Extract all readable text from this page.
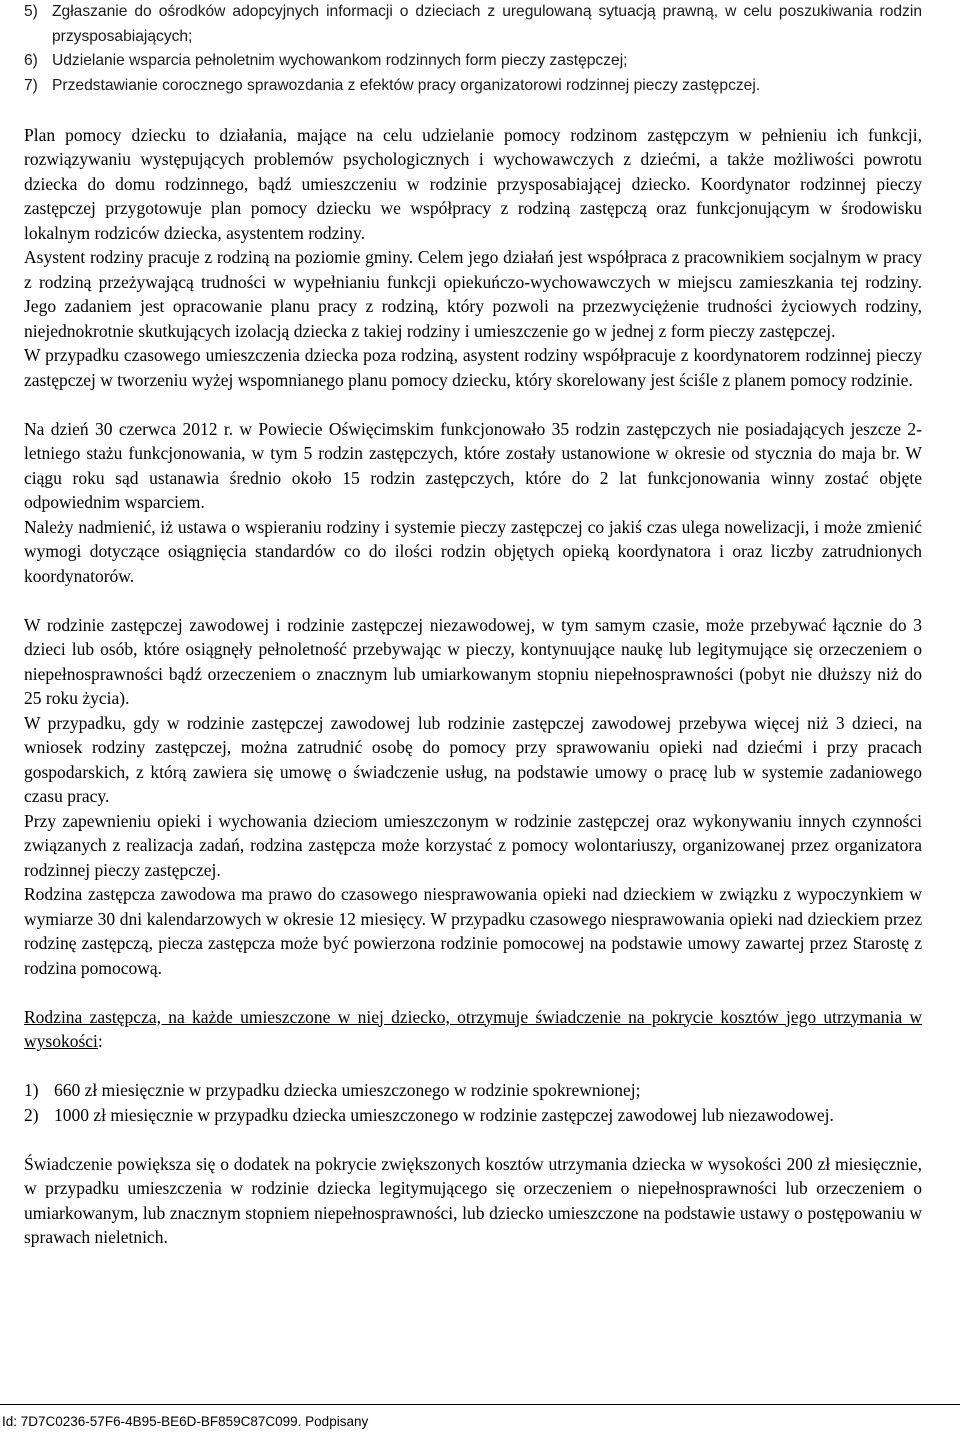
5) Zgłaszanie do ośrodków adopcyjnych informacji o dzieciach z uregulowaną sytuacją prawną, w celu poszukiwania rodzin przysposabiających;
6) Udzielanie wsparcia pełnoletnim wychowankom rodzinnych form pieczy zastępczej;
7) Przedstawianie corocznego sprawozdania z efektów pracy organizatorowi rodzinnej pieczy zastępczej.

Plan pomocy dziecku to działania, mające na celu udzielanie pomocy rodzinom zastępczym w pełnieniu ich funkcji, rozwiązywaniu występujących problemów psychologicznych i wychowawczych z dziećmi, a także możliwości powrotu dziecka do domu rodzinnego, bądź umieszczeniu w rodzinie przysposabiającej dziecko. Koordynator rodzinnej pieczy zastępczej przygotowuje plan pomocy dziecku we współpracy z rodziną zastępczą oraz funkcjonującym w środowisku lokalnym rodziców dziecka, asystentem rodziny.

Asystent rodziny pracuje z rodziną na poziomie gminy. Celem jego działań jest współpraca z pracownikiem socjalnym w pracy z rodziną przeżywającą trudności w wypełnianiu funkcji opiekuńczo-wychowawczych w miejscu zamieszkania tej rodziny. Jego zadaniem jest opracowanie planu pracy z rodziną, który pozwoli na przezwyciężenie trudności życiowych rodziny, niejednokrotnie skutkujących izolacją dziecka z takiej rodziny i umieszczenie go w jednej z form pieczy zastępczej.

W przypadku czasowego umieszczenia dziecka poza rodziną, asystent rodziny współpracuje z koordynatorem rodzinnej pieczy zastępczej w tworzeniu wyżej wspomnianego planu pomocy dziecku, który skorelowany jest ściśle z planem pomocy rodzinie.

Na dzień 30 czerwca 2012 r. w Powiecie Oświęcimskim funkcjonowało 35 rodzin zastępczych nie posiadających jeszcze 2-letniego stażu funkcjonowania, w tym 5 rodzin zastępczych, które zostały ustanowione w okresie od stycznia do maja br. W ciągu roku sąd ustanawia średnio około 15 rodzin zastępczych, które do 2 lat funkcjonowania winny zostać objęte odpowiednim wsparciem.

Należy nadmienić, iż ustawa o wspieraniu rodziny i systemie pieczy zastępczej co jakiś czas ulega nowelizacji, i może zmienić wymogi dotyczące osiągnięcia standardów co do ilości rodzin objętych opieką koordynatora i oraz liczby zatrudnionych koordynatorów.

W rodzinie zastępczej zawodowej i rodzinie zastępczej niezawodowej, w tym samym czasie, może przebywać łącznie do 3 dzieci lub osób, które osiągnęły pełnoletność przebywając w pieczy, kontynuujące naukę lub legitymujące się orzeczeniem o niepełnosprawności bądź orzeczeniem o znacznym lub umiarkowanym stopniu niepełnosprawności (pobyt nie dłuższy niż do 25 roku życia).

W przypadku, gdy w rodzinie zastępczej zawodowej lub rodzinie zastępczej zawodowej przebywa więcej niż 3 dzieci, na wniosek rodziny zastępczej, można zatrudnić osobę do pomocy przy sprawowaniu opieki nad dziećmi i przy pracach gospodarskich, z którą zawiera się umowę o świadczenie usług, na podstawie umowy o pracę lub w systemie zadaniowego czasu pracy.

Przy zapewnieniu opieki i wychowania dzieciom umieszczonym w rodzinie zastępczej oraz wykonywaniu innych czynności związanych z realizacja zadań, rodzina zastępcza może korzystać z pomocy wolontariuszy, organizowanej przez organizatora rodzinnej pieczy zastępczej.

Rodzina zastępcza zawodowa ma prawo do czasowego niesprawowania opieki nad dzieckiem w związku z wypoczynkiem w wymiarze 30 dni kalendarzowych w okresie 12 miesięcy. W przypadku czasowego niesprawowania opieki nad dzieckiem przez rodzinę zastępczą, piecza zastępcza może być powierzona rodzinie pomocowej na podstawie umowy zawartej przez Starostę z rodzina pomocową.

Rodzina zastępcza, na każde umieszczone w niej dziecko, otrzymuje świadczenie na pokrycie kosztów jego utrzymania w wysokości:

1) 660 zł miesięcznie w przypadku dziecka umieszczonego w rodzinie spokrewnionej;
2) 1000 zł miesięcznie w przypadku dziecka umieszczonego w rodzinie zastępczej zawodowej lub niezawodowej.

Świadczenie powiększa się o dodatek na pokrycie zwiększonych kosztów utrzymania dziecka w wysokości 200 zł miesięcznie, w przypadku umieszczenia w rodzinie dziecka legitymującego się orzeczeniem o niepełnosprawności lub orzeczeniem o umiarkowanym, lub znacznym stopniem niepełnosprawności, lub dziecko umieszczone na podstawie ustawy o postępowaniu w sprawach nieletnich.

Id: 7D7C0236-57F6-4B95-BE6D-BF859C87C099. Podpisany
